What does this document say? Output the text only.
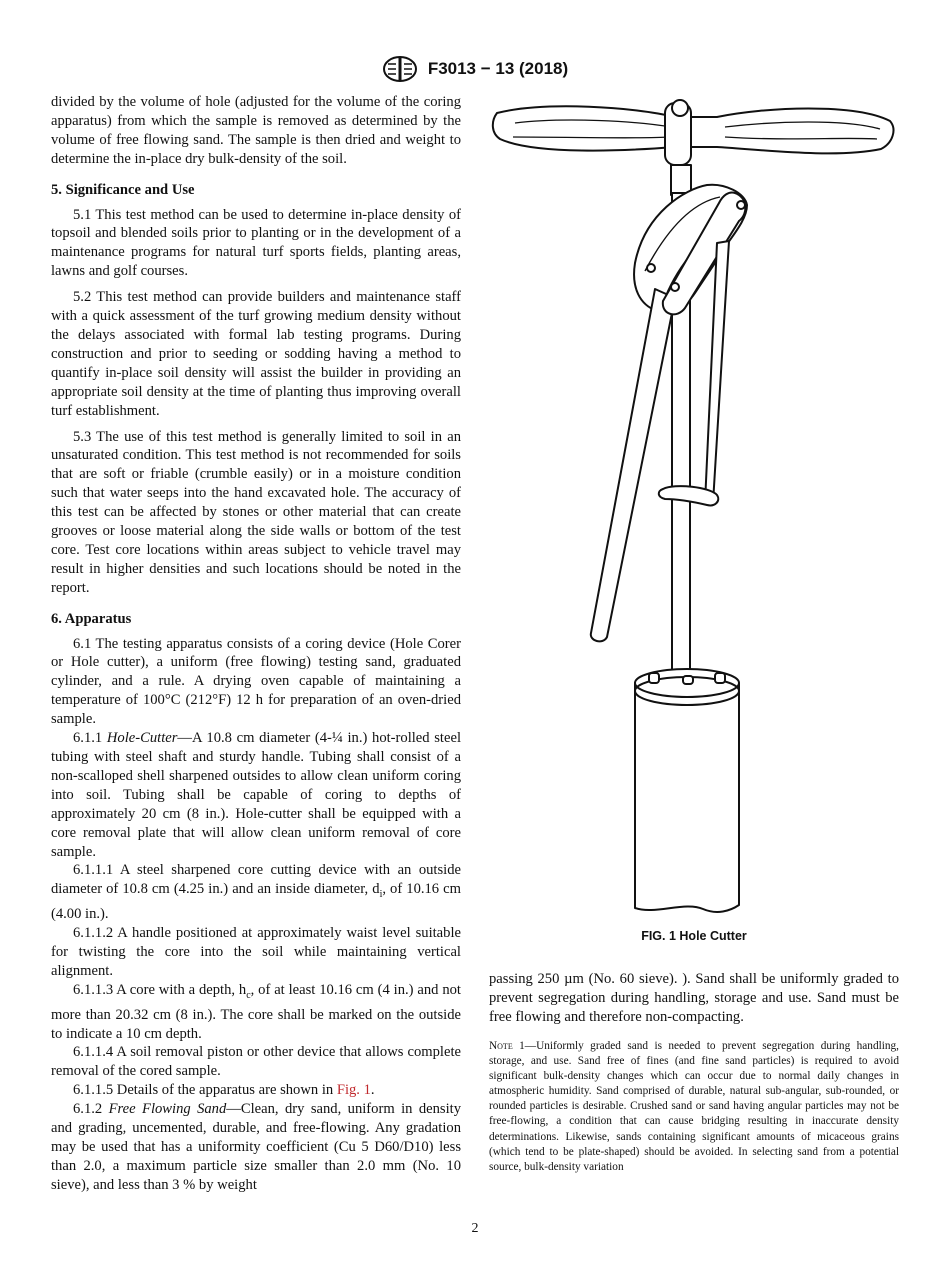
F3013 − 13 (2018)

divided by the volume of hole (adjusted for the volume of the coring apparatus) from which the sample is removed as determined by the volume of free flowing sand. The sample is then dried and weight to determine the in-place dry bulk-density of the soil.

5. Significance and Use

5.1 This test method can be used to determine in-place density of topsoil and blended soils prior to planting or in the development of a maintenance programs for natural turf sports fields, planting areas, lawns and golf courses.

5.2 This test method can provide builders and maintenance staff with a quick assessment of the turf growing medium density without the delays associated with formal lab testing programs. During construction and prior to seeding or sodding having a method to quantify in-place soil density will assist the builder in providing an appropriate soil density at the time of planting thus improving overall turf establishment.

5.3 The use of this test method is generally limited to soil in an unsaturated condition. This test method is not recommended for soils that are soft or friable (crumble easily) or in a moisture condition such that water seeps into the hand excavated hole. The accuracy of this test can be affected by stones or other material that can create grooves or loose material along the side walls or bottom of the test core. Test core locations within areas subject to vehicle travel may result in higher densities and such locations should be noted in the report.

6. Apparatus

6.1 The testing apparatus consists of a coring device (Hole Corer or Hole cutter), a uniform (free flowing) testing sand, graduated cylinder, and a rule. A drying oven capable of maintaining a temperature of 100°C (212°F) 12 h for preparation of an oven-dried sample.

6.1.1 Hole-Cutter—A 10.8 cm diameter (4-¼ in.) hot-rolled steel tubing with steel shaft and sturdy handle. Tubing shall consist of a non-scalloped shell sharpened outsides to allow clean uniform coring into soil. Tubing shall be capable of coring to depths of approximately 20 cm (8 in.). Hole-cutter shall be equipped with a core removal plate that will allow clean uniform removal of core sample.

6.1.1.1 A steel sharpened core cutting device with an outside diameter of 10.8 cm (4.25 in.) and an inside diameter, $d_i$, of 10.16 cm (4.00 in.).

6.1.1.2 A handle positioned at approximately waist level suitable for twisting the core into the soil while maintaining vertical alignment.

6.1.1.3 A core with a depth, $h_c$, of at least 10.16 cm (4 in.) and not more than 20.32 cm (8 in.). The core shall be marked on the outside to indicate a 10 cm depth.

6.1.1.4 A soil removal piston or other device that allows complete removal of the cored sample.

6.1.1.5 Details of the apparatus are shown in Fig. 1.

6.1.2 Free Flowing Sand—Clean, dry sand, uniform in density and grading, uncemented, durable, and free-flowing. Any gradation may be used that has a uniformity coefficient (Cu 5 D60/D10) less than 2.0, a maximum particle size smaller than 2.0 mm (No. 10 sieve), and less than 3 % by weight

FIG. 1 Hole Cutter
passing 250 µm (No. 60 sieve). ). Sand shall be uniformly graded to prevent segregation during handling, storage and use. Sand must be free flowing and therefore non-compacting.
Note 1—Uniformly graded sand is needed to prevent segregation during handling, storage, and use. Sand free of fines (and fine sand particles) is required to avoid significant bulk-density changes which can occur due to normal daily changes in atmospheric humidity. Sand comprised of durable, natural sub-angular, sub-rounded, or rounded particles is desirable. Crushed sand or sand having angular particles may not be free-flowing, a condition that can cause bridging resulting in inaccurate density determinations. Likewise, sands containing significant amounts of micaceous grains (which tend to be plate-shaped) should be avoided. In selecting sand from a potential source, bulk-density variation
2
